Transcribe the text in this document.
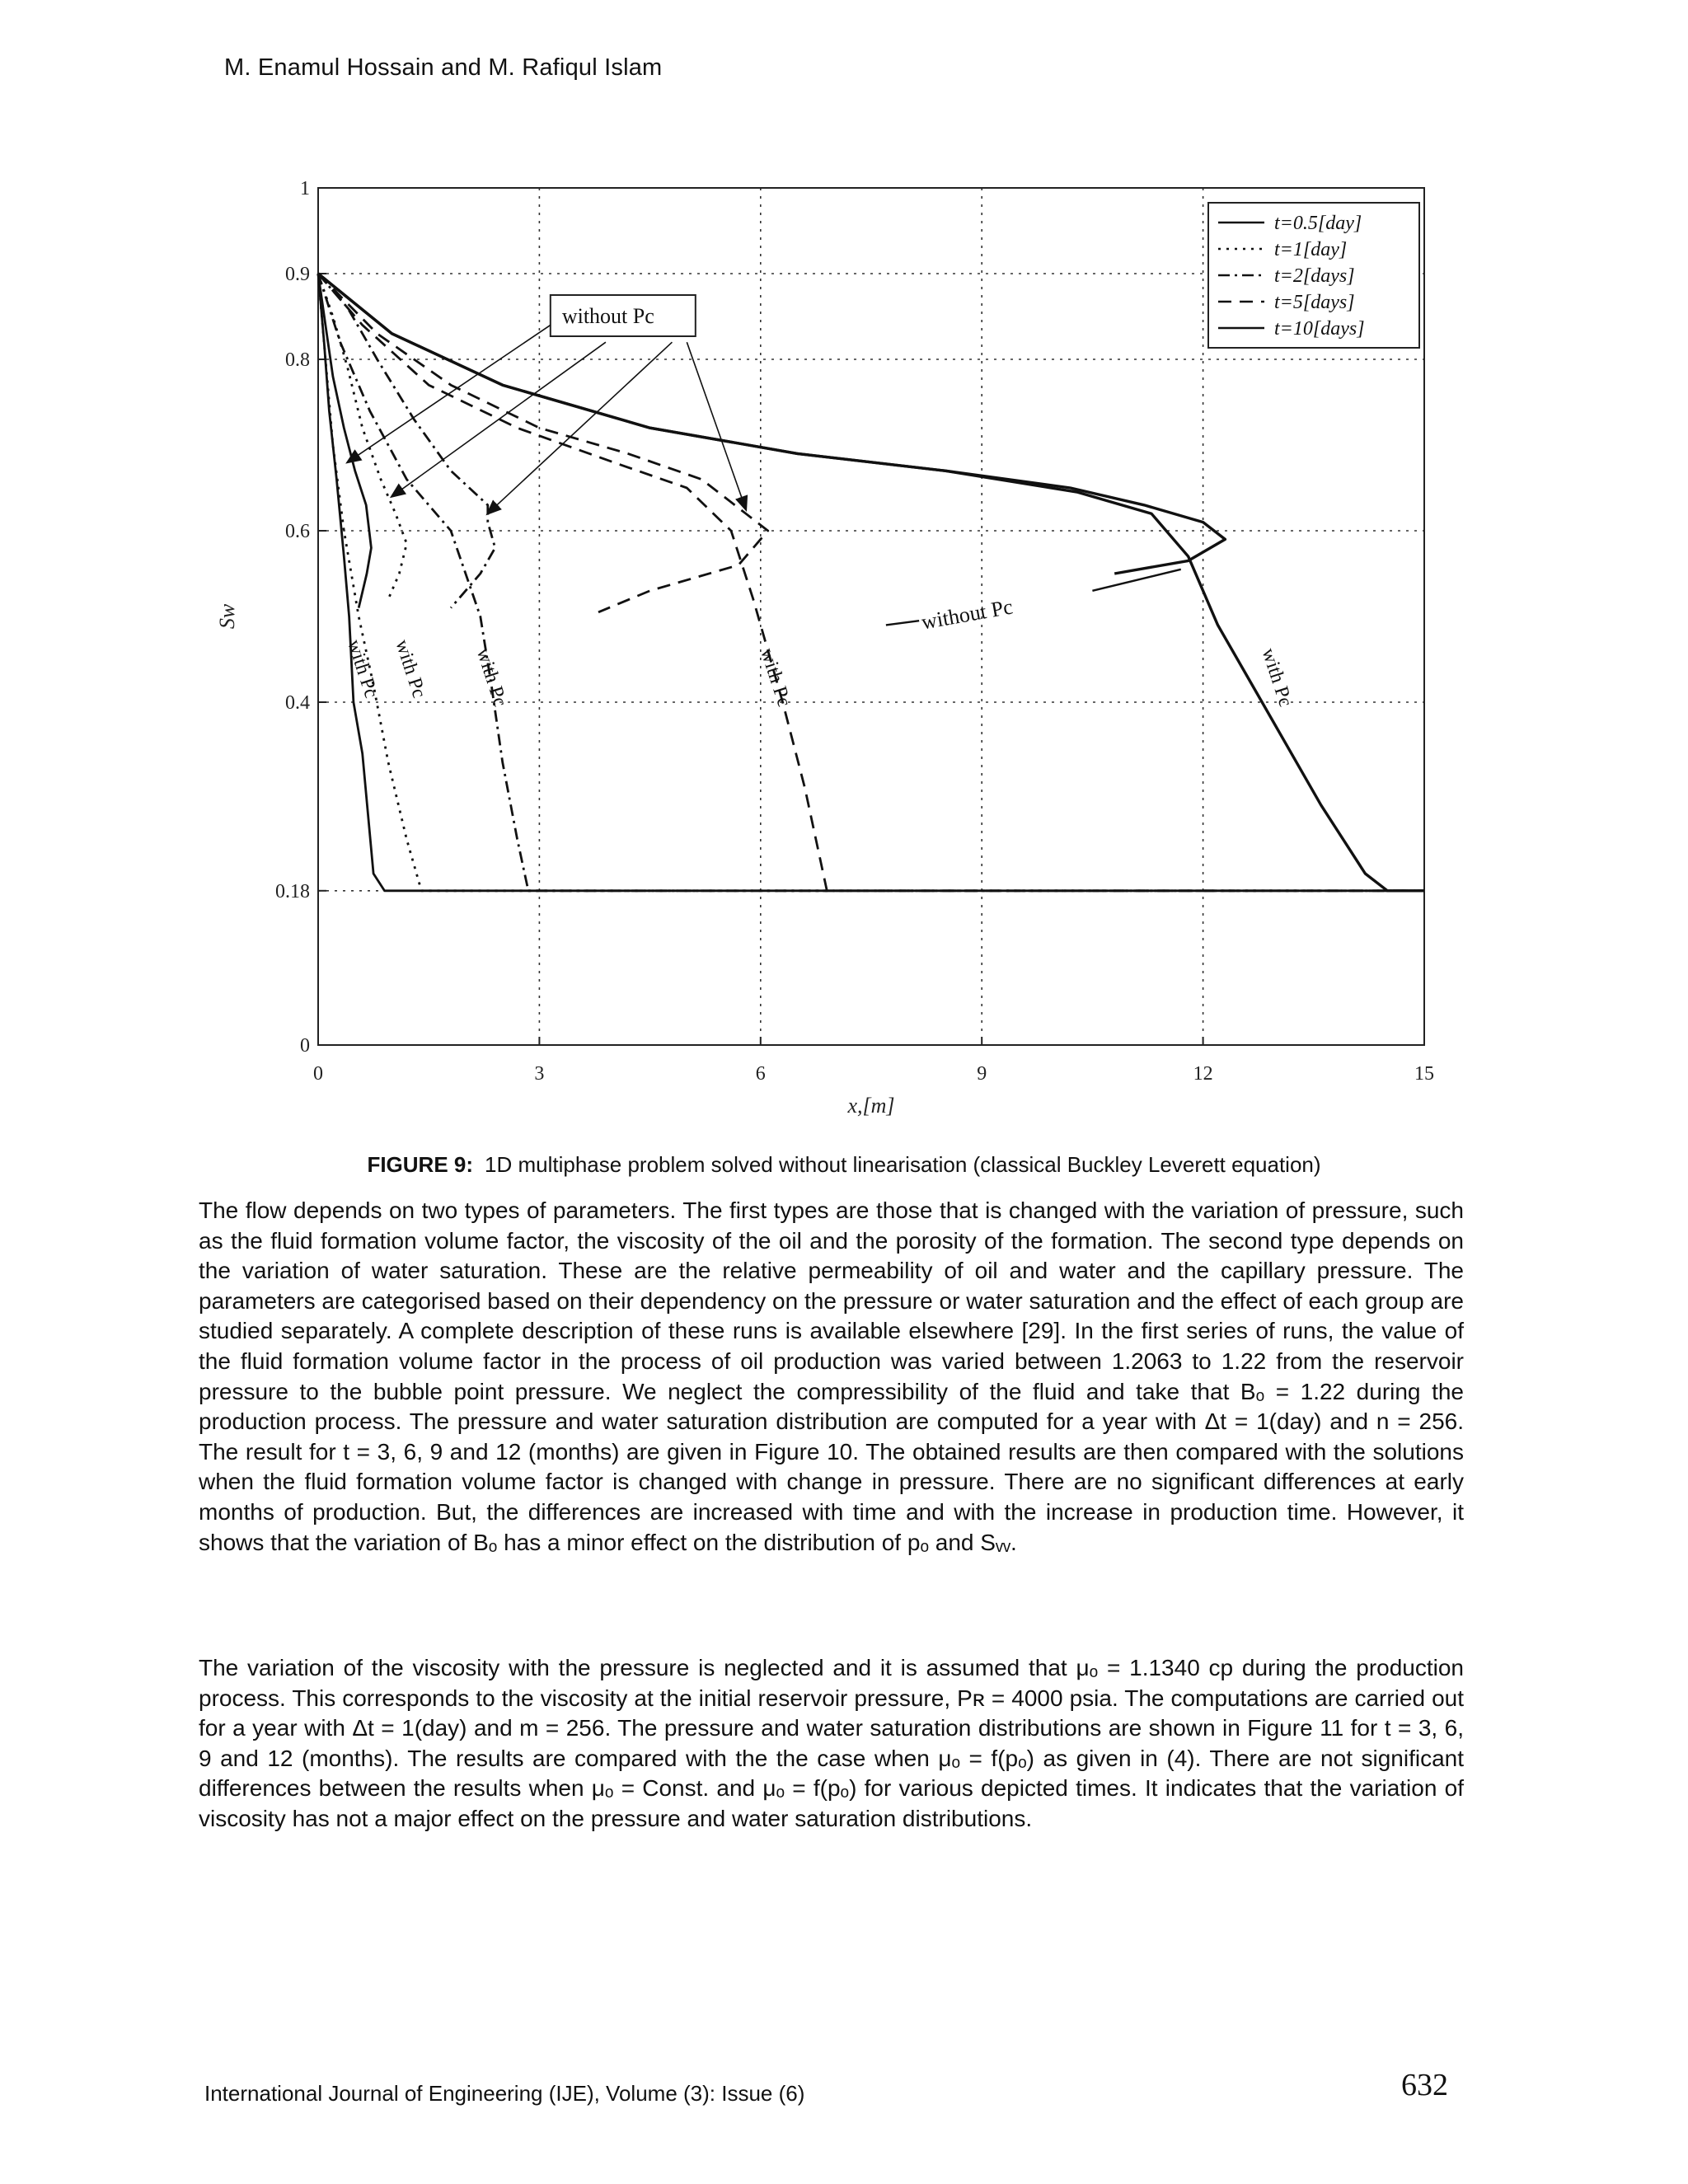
M. Enamul Hossain and M. Rafiqul Islam
0	3	6	9	12	15
0
0.18
0.4
0.6
0.8
0.9
1
x,[m]
Sw
t=0.5[day]
t=1[day]
t=2[days]
t=5[days]
t=10[days]
without Pc
without Pc
with Pc with Pc with Pc	with Pc	with Pc
FIGURE 9: 1D multiphase problem solved without linearisation (classical Buckley Leverett equation)
The flow depends on two types of parameters. The first types are those that is changed with the variation of pressure, such as the fluid formation volume factor, the viscosity of the oil and the porosity of the formation. The second type depends on the variation of water saturation. These are the relative permeability of oil and water and the capillary pressure. The parameters are categorised based on their dependency on the pressure or water saturation and the effect of each group are studied separately. A complete description of these runs is available elsewhere [29]. In the first series of runs, the value of the fluid formation volume factor in the process of oil production was varied between 1.2063 to 1.22 from the reservoir pressure to the bubble point pressure. We neglect the compressibility of the fluid and take that Bₒ = 1.22 during the production process. The pressure and water saturation distribution are computed for a year with Δt = 1(day) and n = 256. The result for t = 3, 6, 9 and 12 (months) are given in Figure 10. The obtained results are then compared with the solutions when the fluid formation volume factor is changed with change in pressure. There are no significant differences at early months of production. But, the differences are increased with time and with the increase in production time. However, it shows that the variation of Bₒ has a minor effect on the distribution of pₒ and Sᵥᵥ.
The variation of the viscosity with the pressure is neglected and it is assumed that μₒ = 1.1340 cp during the production process. This corresponds to the viscosity at the initial reservoir pressure, Pʀ = 4000 psia. The computations are carried out for a year with Δt = 1(day) and m = 256. The pressure and water saturation distributions are shown in Figure 11 for t = 3, 6, 9 and 12 (months). The results are compared with the the case when μₒ = f(pₒ) as given in (4). There are not significant differences between the results when μₒ = Const. and μₒ = f(pₒ) for various depicted times. It indicates that the variation of viscosity has not a major effect on the pressure and water saturation distributions.
International Journal of Engineering (IJE), Volume (3): Issue (6)	632
